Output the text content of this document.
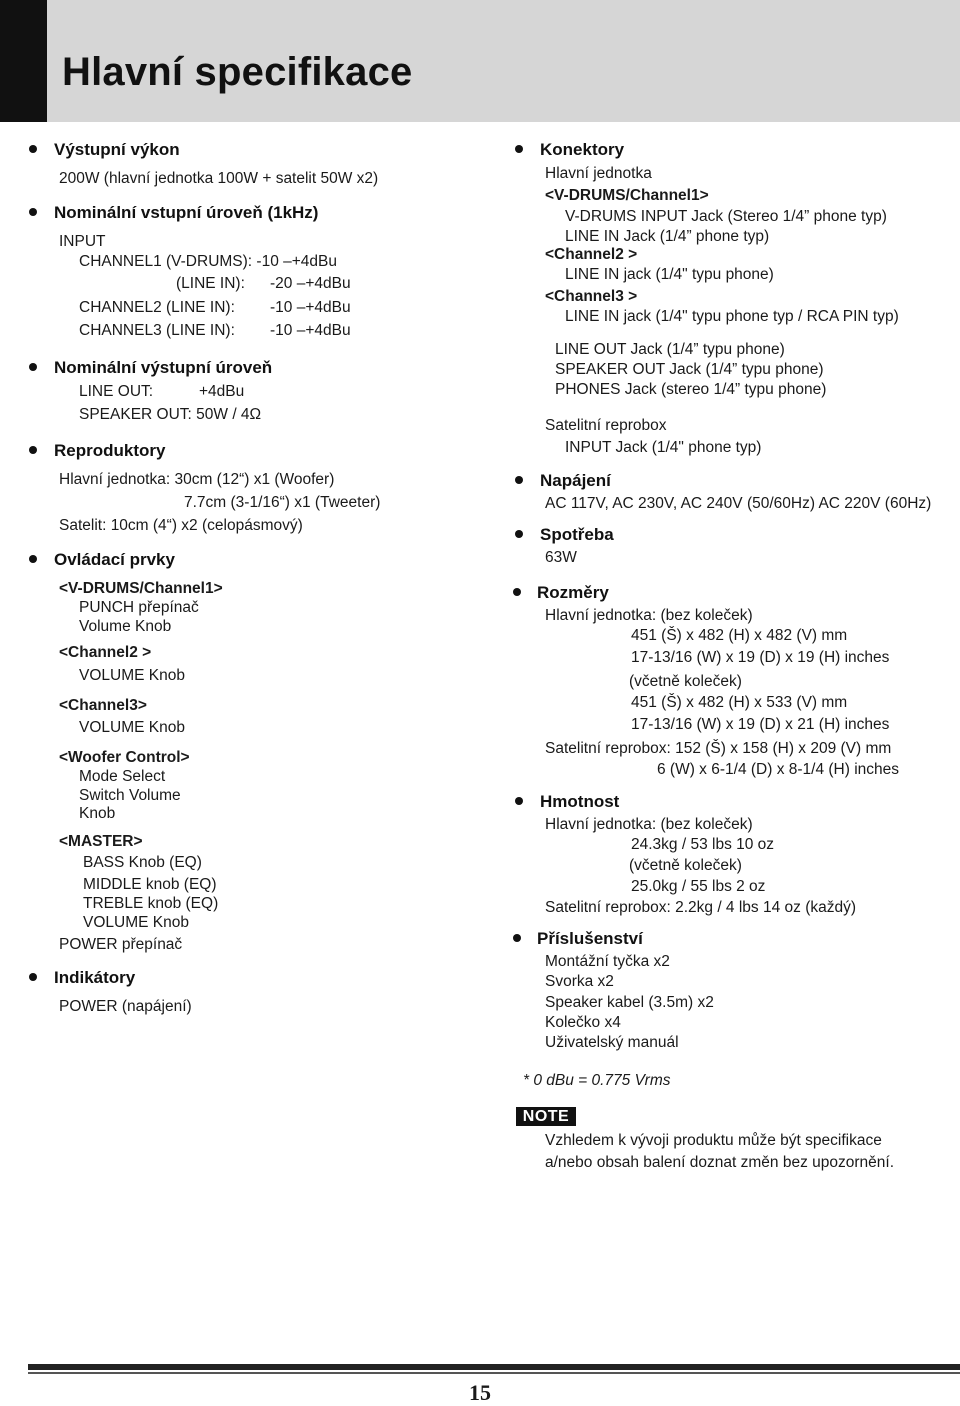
Hlavní specifikace
Výstupní výkon
200W (hlavní jednotka 100W + satelit 50W x2)
Nominální vstupní úroveň (1kHz)
INPUT
CHANNEL1 (V-DRUMS): -10 –+4dBu
(LINE IN): -20 –+4dBu
CHANNEL2 (LINE IN): -10 –+4dBu
CHANNEL3 (LINE IN): -10 –+4dBu
Nominální výstupní úroveň
LINE OUT:	+4dBu
SPEAKER OUT: 50W / 4Ω
Reproduktory
Hlavní jednotka: 30cm (12“) x1 (Woofer)
7.7cm (3-1/16“) x1 (Tweeter)
Satelit: 10cm (4“) x2 (celopásmový)
Ovládací prvky
<V-DRUMS/Channel1>
PUNCH přepínač
Volume Knob
<Channel2 >
VOLUME Knob
<Channel3>
VOLUME Knob
<Woofer Control>
Mode Select
Switch Volume
Knob
<MASTER>
BASS Knob (EQ)
MIDDLE knob (EQ)
TREBLE knob (EQ)
VOLUME Knob
POWER přepínač
Indikátory
POWER (napájení)
Konektory
Hlavní jednotka
<V-DRUMS/Channel1>
V-DRUMS INPUT Jack (Stereo 1/4” phone typ)
LINE IN Jack (1/4” phone typ)
<Channel2 >
LINE IN jack (1/4" typu phone)
<Channel3 >
LINE IN jack (1/4" typu phone typ / RCA PIN typ)
LINE OUT Jack (1/4” typu phone)
SPEAKER OUT Jack (1/4” typu phone)
PHONES Jack (stereo 1/4” typu phone)
Satelitní reprobox
INPUT Jack (1/4" phone typ)
Napájení
AC 117V, AC 230V, AC 240V (50/60Hz) AC 220V (60Hz)
Spotřeba
63W
Rozměry
Hlavní jednotka: (bez koleček)
451 (Š) x 482 (H) x 482 (V) mm
17-13/16 (W) x 19 (D) x 19 (H) inches
(včetně koleček)
451 (Š) x 482 (H) x 533 (V) mm
17-13/16 (W) x 19 (D) x 21 (H) inches
Satelitní reprobox: 152 (Š) x 158 (H) x 209 (V) mm
6 (W) x 6-1/4 (D) x 8-1/4 (H) inches
Hmotnost
Hlavní jednotka: (bez koleček)
24.3kg / 53 lbs 10 oz
(včetně koleček)
25.0kg / 55 lbs 2 oz
Satelitní reprobox: 2.2kg / 4 lbs 14 oz (každý)
Příslušenství
Montážní tyčka x2
Svorka x2
Speaker kabel (3.5m) x2
Kolečko x4
Uživatelský manuál
* 0 dBu = 0.775 Vrms
NOTE
Vzhledem k vývoji produktu může být specifikace
a/nebo obsah balení doznat změn bez upozornění.
15
